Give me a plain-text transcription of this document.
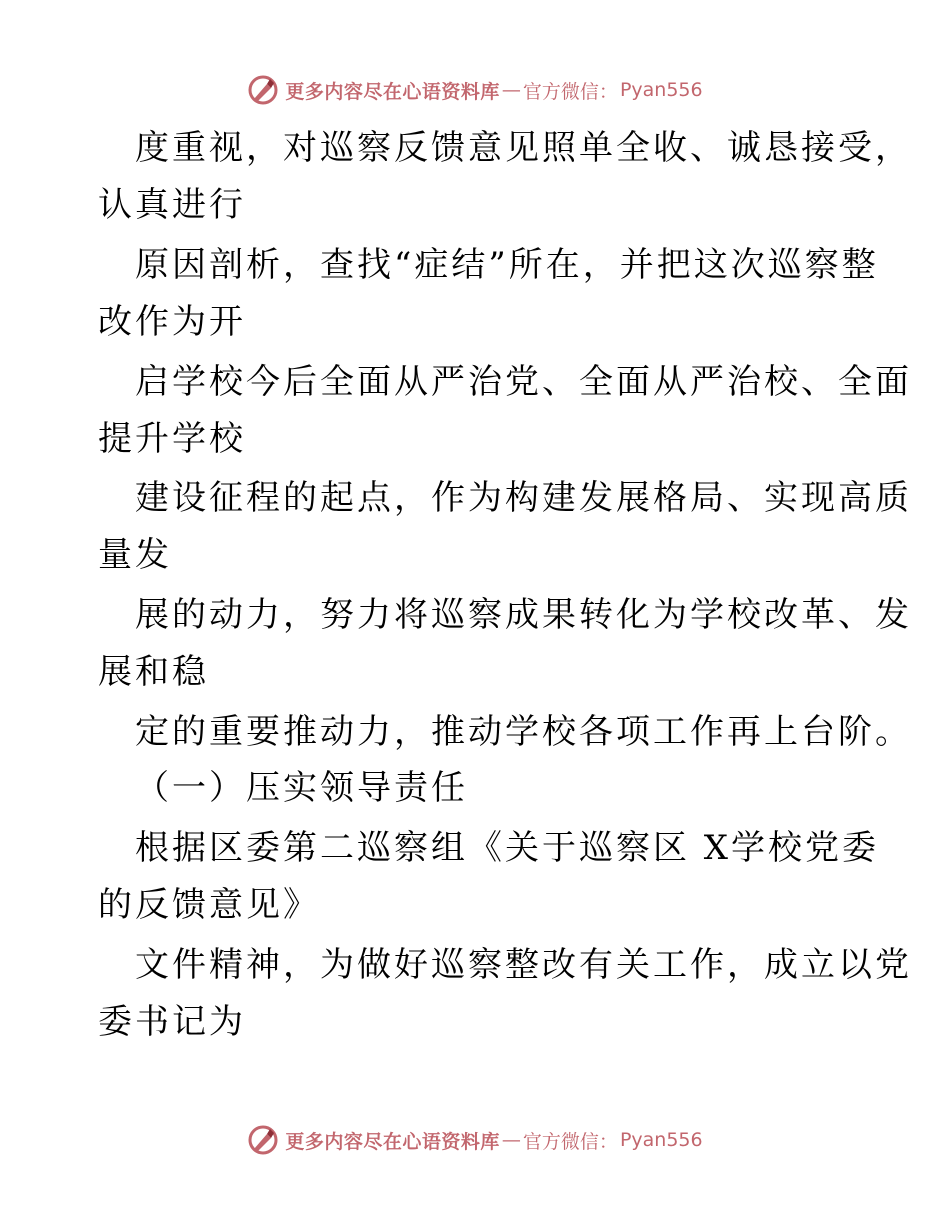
更多内容尽在心语资料库 — 官方微信： Pyan556
度重视，对巡察反馈意见照单全收、诚恳接受，
认真进行
原因剖析，查找“症结”所在，并把这次巡察整
改作为开
启学校今后全面从严治党、全面从严治校、全面
提升学校
建设征程的起点，作为构建发展格局、实现高质
量发
展的动力，努力将巡察成果转化为学校改革、发
展和稳
定的重要推动力，推动学校各项工作再上台阶。
（一）压实领导责任
根据区委第二巡察组《关于巡察区 X学校党委
的反馈意见》
文件精神，为做好巡察整改有关工作，成立以党
委书记为
更多内容尽在心语资料库 — 官方微信： Pyan556
